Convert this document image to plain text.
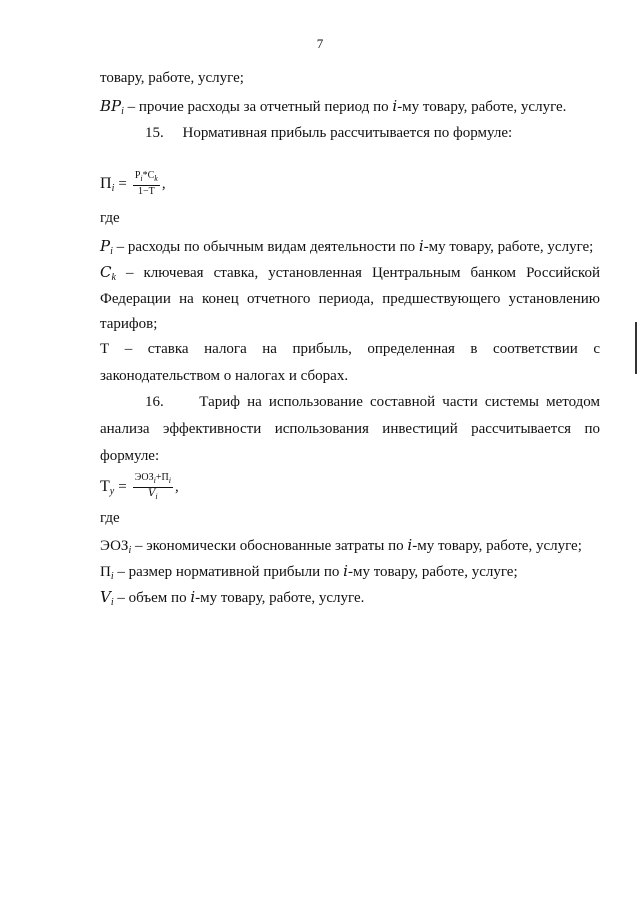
7
товару, работе, услуге;
$BP_i$ – прочие расходы за отчетный период по i-му товару, работе, услуге.
15.     Нормативная прибыль рассчитывается по формуле:
$П_i = \frac{P_i*C_k}{1-T}$ ,
где
$P_i$ – расходы по обычным видам деятельности по i-му товару, работе, услуге;
$C_k$ – ключевая ставка, установленная Центральным банком Российской
Федерации на конец отчетного периода, предшествующего установлению
тарифов;
Т – ставка налога на прибыль, определенная в соответствии с
законодательством о налогах и сборах.
16.     Тариф на использование составной части системы методом
анализа эффективности использования инвестиций рассчитывается по
формуле:
$Т_у = \frac{ЭОЗ_i+П_i}{V_i}$ ,
где
$ЭОЗ_i$ – экономически обоснованные затраты по i-му товару, работе, услуге;
$П_i$ – размер нормативной прибыли по i-му товару, работе, услуге;
$V_i$ – объем по i-му товару, работе, услуге.
